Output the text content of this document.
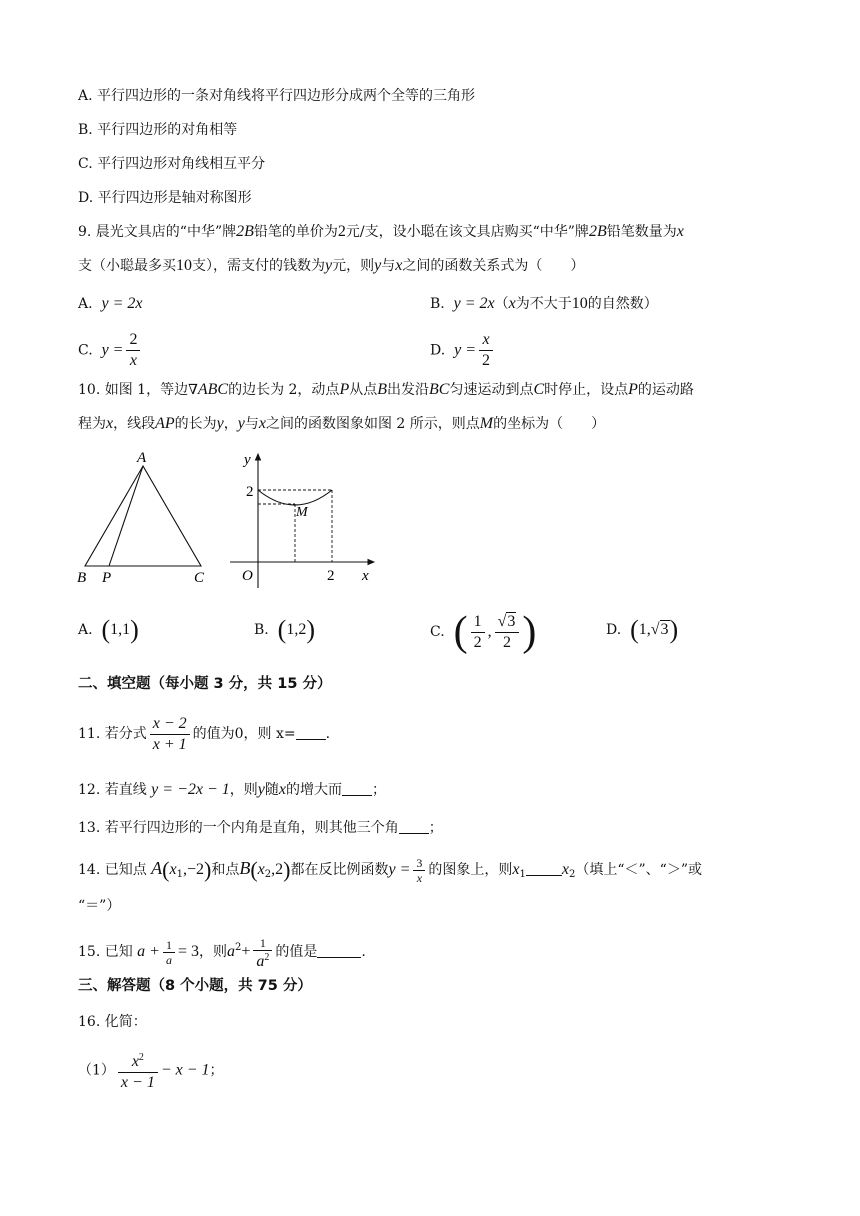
A. 平行四边形的一条对角线将平行四边形分成两个全等的三角形
B. 平行四边形的对角相等
C. 平行四边形对角线相互平分
D. 平行四边形是轴对称图形
9. 晨光文具店的“中华”牌2B铅笔的单价为2元/支，设小聪在该文具店购买“中华”牌2B铅笔数量为x
支（小聪最多买10支），需支付的钱数为y元，则y与x之间的函数关系式为（　　）
A. y = 2x	B. y = 2x（x为不大于10的自然数）
C. $y = \frac{2}{x}$	D. $y = \frac{x}{2}$
10. 如图 1，等边∇ABC的边长为 2，动点P从点B出发沿BC匀速运动到点C时停止，设点P的运动路
程为x，线段AP的长为y，y与x之间的函数图象如图 2 所示，则点M的坐标为（　　）
A
B P	C
y
2
M
O	2 x
A. (1,1)	B. (1,2)	C. ( $\frac{1}{2}$ , $\frac{√3}{2}$ )	D. (1,√3)
二、填空题（每小题 3 分，共 15 分）
11. 若分式 $\frac{x - 2}{x + 1}$ 的值为0，则 x= .
12. 若直线 y = −2x − 1，则y随x的增大而 ；
13. 若平行四边形的一个内角是直角，则其他三个角 ；
14. 已知点 $A(x_1,-2)$和点$B(x_2,2)$都在反比例函数$y = \frac{3}{x}$ 的图象上，则$x_1$ $x_2$（填上“＜”、“＞”或
“＝”）
15. 已知 $a + \frac{1}{a} = 3$，则$a^2+ \frac{1}{a^2}$ 的值是	.
三、解答题（8 个小题，共 75 分）
16. 化简：
$(1) \frac{x^2}{x - 1} - x - 1$；
